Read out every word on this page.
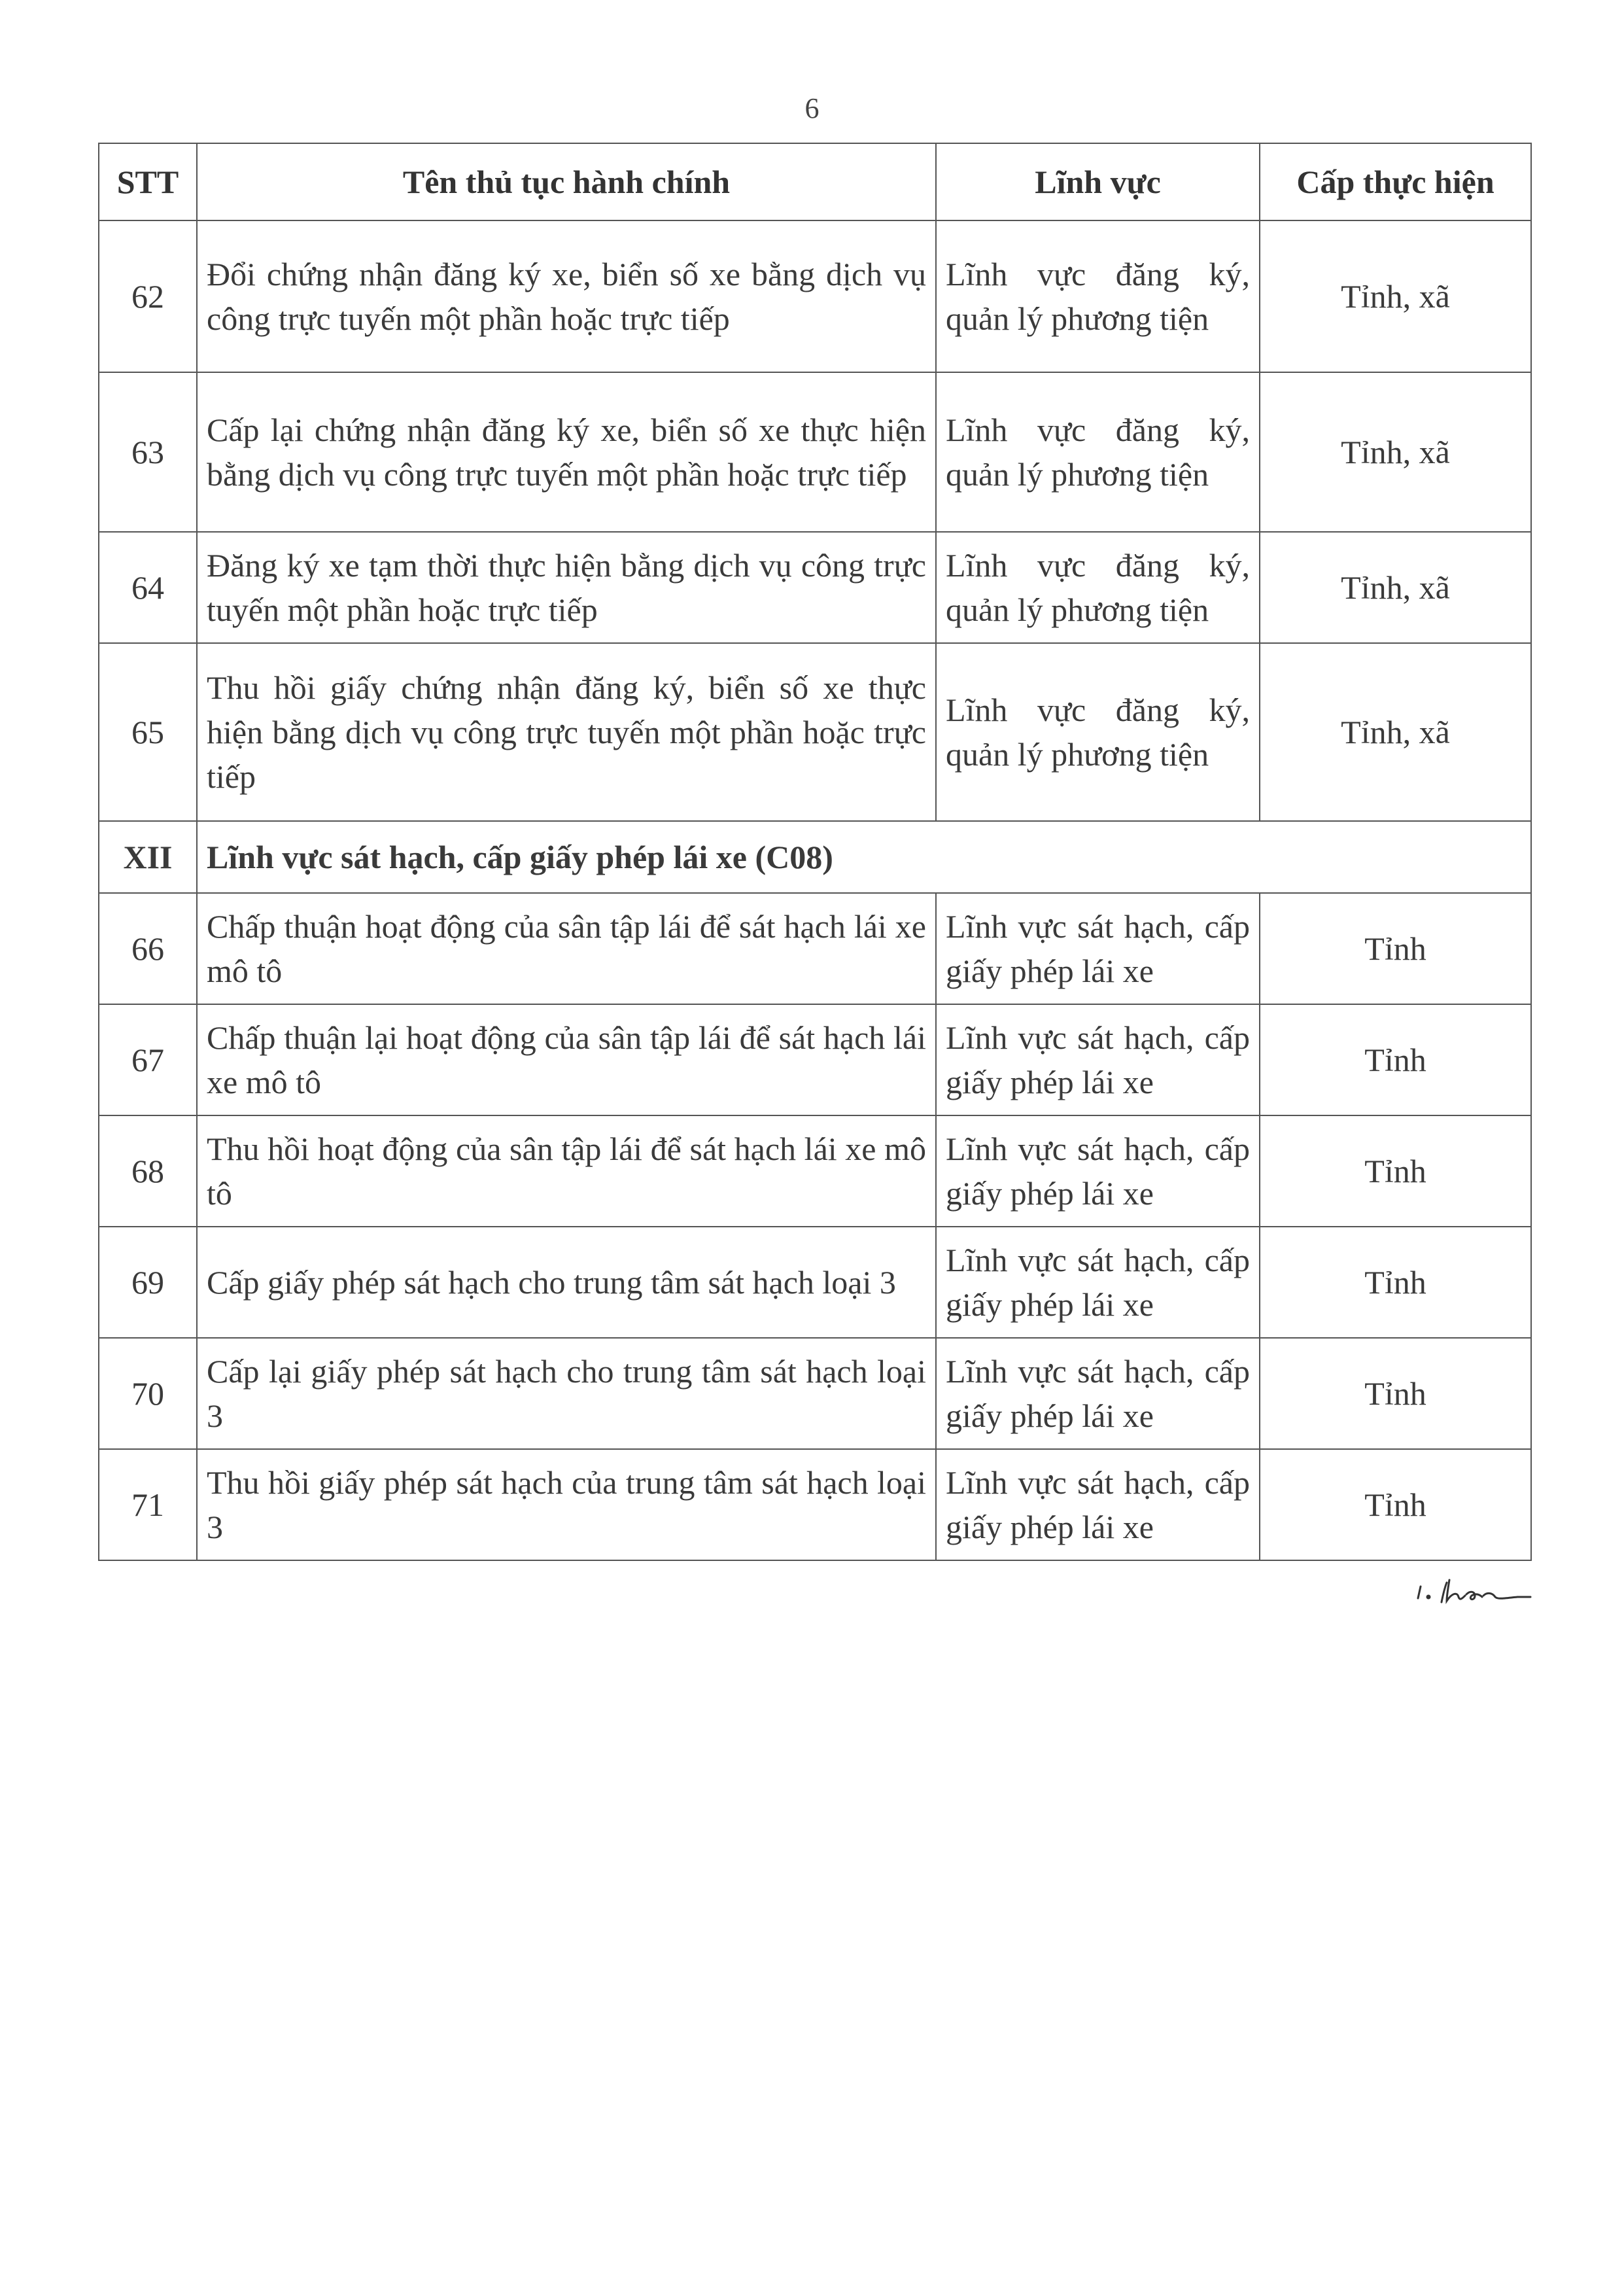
6
STT	Tên thủ tục hành chính	Lĩnh vực	Cấp thực hiện
62	Đổi chứng nhận đăng ký xe, biển số xe bằng dịch vụ công trực tuyến một phần hoặc trực tiếp	Lĩnh vực đăng ký, quản lý phương tiện	Tỉnh, xã
63	Cấp lại chứng nhận đăng ký xe, biển số xe thực hiện bằng dịch vụ công trực tuyến một phần hoặc trực tiếp	Lĩnh vực đăng ký, quản lý phương tiện	Tỉnh, xã
64	Đăng ký xe tạm thời thực hiện bằng dịch vụ công trực tuyến một phần hoặc trực tiếp	Lĩnh vực đăng ký, quản lý phương tiện	Tỉnh, xã
65	Thu hồi giấy chứng nhận đăng ký, biển số xe thực hiện bằng dịch vụ công trực tuyến một phần hoặc trực tiếp	Lĩnh vực đăng ký, quản lý phương tiện	Tỉnh, xã
XII	Lĩnh vực sát hạch, cấp giấy phép lái xe (C08)		
66	Chấp thuận hoạt động của sân tập lái để sát hạch lái xe mô tô	Lĩnh vực sát hạch, cấp giấy phép lái xe	Tỉnh
67	Chấp thuận lại hoạt động của sân tập lái để sát hạch lái xe mô tô	Lĩnh vực sát hạch, cấp giấy phép lái xe	Tỉnh
68	Thu hồi hoạt động của sân tập lái để sát hạch lái xe mô tô	Lĩnh vực sát hạch, cấp giấy phép lái xe	Tỉnh
69	Cấp giấy phép sát hạch cho trung tâm sát hạch loại 3	Lĩnh vực sát hạch, cấp giấy phép lái xe	Tỉnh
70	Cấp lại giấy phép sát hạch cho trung tâm sát hạch loại 3	Lĩnh vực sát hạch, cấp giấy phép lái xe	Tỉnh
71	Thu hồi giấy phép sát hạch của trung tâm sát hạch loại 3	Lĩnh vực sát hạch, cấp giấy phép lái xe	Tỉnh
